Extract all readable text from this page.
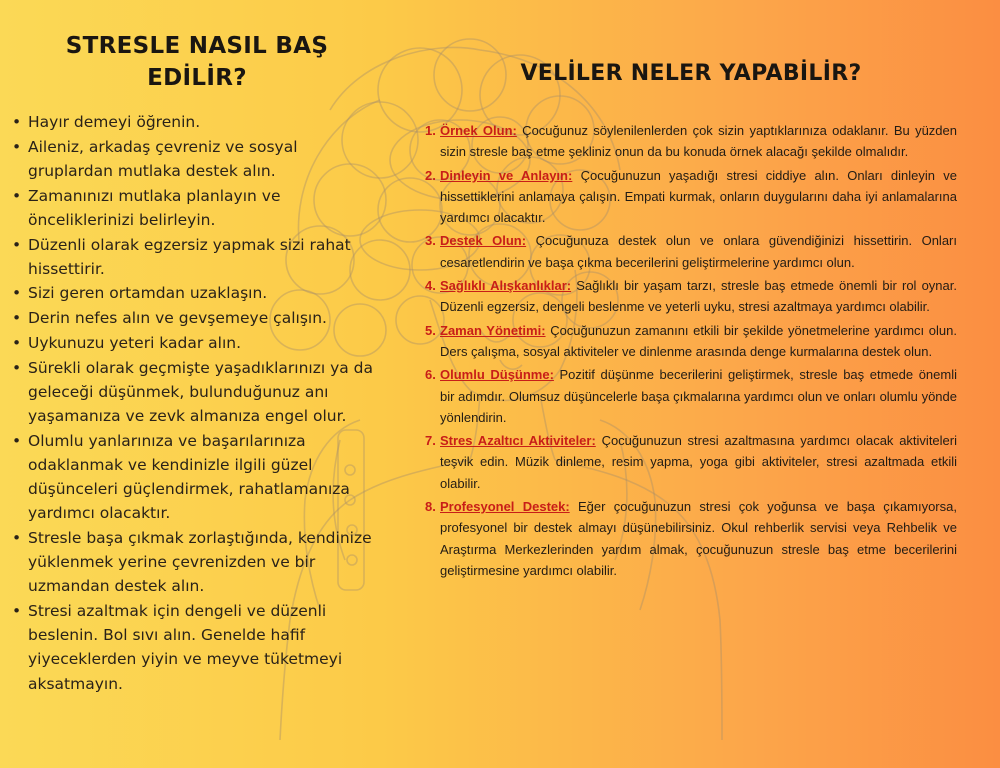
STRESLE NASIL BAŞ
EDİLİR?
• Hayır demeyi öğrenin.
• Aileniz, arkadaş çevreniz ve sosyal gruplardan mutlaka destek alın.
• Zamanınızı mutlaka planlayın ve önceliklerinizi belirleyin.
• Düzenli olarak egzersiz yapmak sizi rahat hissettirir.
• Sizi geren ortamdan uzaklaşın.
• Derin nefes alın ve gevşemeye çalışın.
• Uykunuzu yeteri kadar alın.
• Sürekli olarak geçmişte yaşadıklarınızı ya da geleceği düşünmek, bulunduğunuz anı yaşamanıza ve zevk almanıza engel olur.
• Olumlu yanlarınıza ve başarılarınıza odaklanmak ve kendinizle ilgili güzel düşünceleri güçlendirmek, rahatlamanıza yardımcı olacaktır.
• Stresle başa çıkmak zorlaştığında, kendinize yüklenmek yerine çevrenizden ve bir uzmandan destek alın.
• Stresi azaltmak için dengeli ve düzenli beslenin. Bol sıvı alın. Genelde hafif yiyeceklerden yiyin ve meyve tüketmeyi aksatmayın.
VELİLER NELER YAPABİLİR?
1. Örnek Olun: Çocuğunuz söylenilenlerden çok sizin yaptıklarınıza odaklanır. Bu yüzden sizin stresle baş etme şekliniz onun da bu konuda örnek alacağı şekilde olmalıdır.
2. Dinleyin ve Anlayın: Çocuğunuzun yaşadığı stresi ciddiye alın. Onları dinleyin ve hissettiklerini anlamaya çalışın. Empati kurmak, onların duygularını daha iyi anlamalarına yardımcı olacaktır.
3. Destek Olun: Çocuğunuza destek olun ve onlara güvendiğinizi hissettirin. Onları cesaretlendirin ve başa çıkma becerilerini geliştirmelerine yardımcı olun.
4. Sağlıklı Alışkanlıklar: Sağlıklı bir yaşam tarzı, stresle baş etmede önemli bir rol oynar. Düzenli egzersiz, dengeli beslenme ve yeterli uyku, stresi azaltmaya yardımcı olabilir.
5. Zaman Yönetimi: Çocuğunuzun zamanını etkili bir şekilde yönetmelerine yardımcı olun. Ders çalışma, sosyal aktiviteler ve dinlenme arasında denge kurmalarına destek olun.
6. Olumlu Düşünme: Pozitif düşünme becerilerini geliştirmek, stresle baş etmede önemli bir adımdır. Olumsuz düşüncelerle başa çıkmalarına yardımcı olun ve onları olumlu yönde yönlendirin.
7. Stres Azaltıcı Aktiviteler: Çocuğunuzun stresi azaltmasına yardımcı olacak aktiviteleri teşvik edin. Müzik dinleme, resim yapma, yoga gibi aktiviteler, stresi azaltmada etkili olabilir.
8. Profesyonel Destek: Eğer çocuğunuzun stresi çok yoğunsa ve başa çıkamıyorsa, profesyonel bir destek almayı düşünebilirsiniz. Okul rehberlik servisi veya Rehbelik ve Araştırma Merkezlerinden yardım almak, çocuğunuzun stresle baş etme becerilerini geliştirmesine yardımcı olabilir.
